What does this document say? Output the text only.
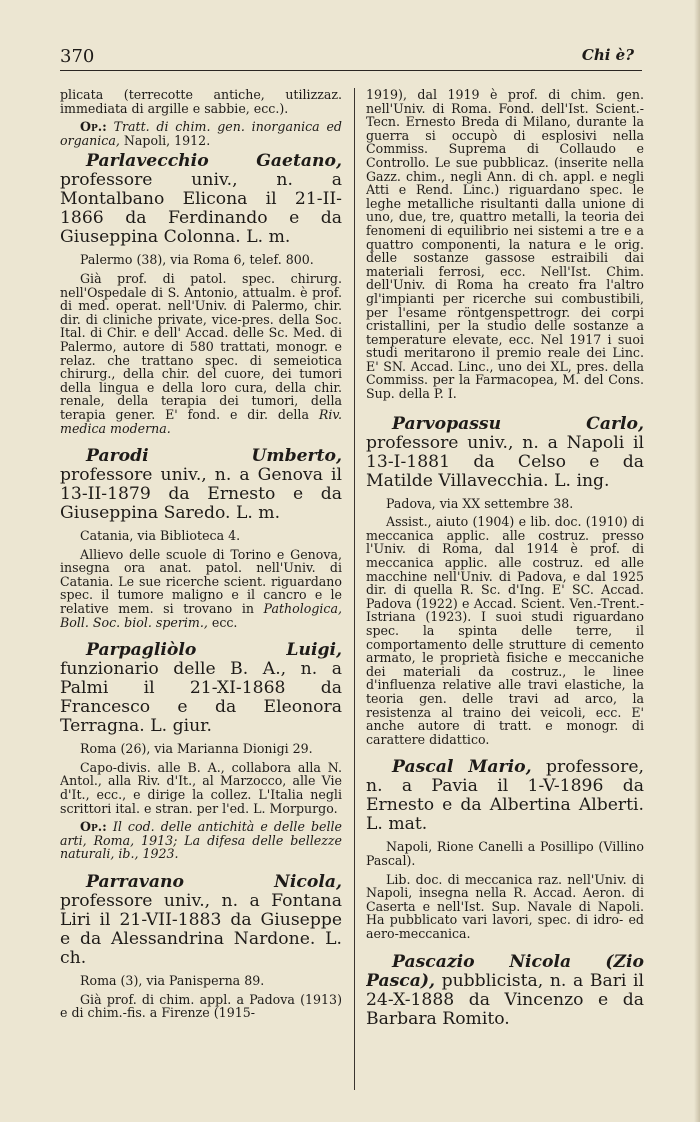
370	Chi è?

plicata (terrecotte antiche, utilizzaz. immediata di argille e sabbie, ecc.).

Op.: Tratt. di chim. gen. inorganica ed organica, Napoli, 1912.

Parlavecchio Gaetano, professore univ., n. a Montalbano Elicona il 21-II-1866 da Ferdinando e da Giuseppina Colonna. L. m.

Palermo (38), via Roma 6, telef. 800.

Già prof. di patol. spec. chirurg. nell'Ospedale di S. Antonio, attualm. è prof. di med. operat. nell'Univ. di Palermo, chir. dir. di cliniche private, vice-pres. della Soc. Ital. di Chir. e dell' Accad. delle Sc. Med. di Palermo, autore di 580 trattati, monogr. e relaz. che trattano spec. di semeiotica chirurg., della chir. del cuore, dei tumori della lingua e della loro cura, della chir. renale, della terapia dei tumori, della terapia gener. E' fond. e dir. della Riv. medica moderna.

Parodi Umberto, professore univ., n. a Genova il 13-II-1879 da Ernesto e da Giuseppina Saredo. L. m.

Catania, via Biblioteca 4.

Allievo delle scuole di Torino e Genova, insegna ora anat. patol. nell'Univ. di Catania. Le sue ricerche scient. riguardano spec. il tumore maligno e il cancro e le relative mem. si trovano in Pathologica, Boll. Soc. biol. sperim., ecc.

Parpagliòlo Luigi, funzionario delle B. A., n. a Palmi il 21-XI-1868 da Francesco e da Eleonora Terragna. L. giur.

Roma (26), via Marianna Dionigi 29.

Capo-divis. alle B. A., collabora alla N. Antol., alla Riv. d'It., al Marzocco, alle Vie d'It., ecc., e dirige la collez. L'Italia negli scrittori ital. e stran. per l'ed. L. Morpurgo.

Op.: Il cod. delle antichità e delle belle arti, Roma, 1913; La difesa delle bellezze naturali, ib., 1923.

Parravano Nicola, professore univ., n. a Fontana Liri il 21-VII-1883 da Giuseppe e da Alessandrina Nardone. L. ch.

Roma (3), via Panisperna 89.

Già prof. di chim. appl. a Padova (1913) e di chim.-fis. a Firenze (1915-

1919), dal 1919 è prof. di chim. gen. nell'Univ. di Roma. Fond. dell'Ist. Scient.-Tecn. Ernesto Breda di Milano, durante la guerra si occupò di esplosivi nella Commiss. Suprema di Collaudo e Controllo. Le sue pubblicaz. (inserite nella Gazz. chim., negli Ann. di ch. appl. e negli Atti e Rend. Linc.) riguardano spec. le leghe metalliche risultanti dalla unione di uno, due, tre, quattro metalli, la teoria dei fenomeni di equilibrio nei sistemi a tre e a quattro componenti, la natura e le orig. delle sostanze gassose estraibili dai materiali ferrosi, ecc. Nell'Ist. Chim. dell'Univ. di Roma ha creato fra l'altro gl'impianti per ricerche sui combustibili, per l'esame röntgenspettrogr. dei corpi cristallini, per la studio delle sostanze a temperature elevate, ecc. Nel 1917 i suoi studi meritarono il premio reale dei Linc. E' SN. Accad. Linc., uno dei XL, pres. della Commiss. per la Farmacopea, M. del Cons. Sup. della P. I.

Parvopassu Carlo, professore univ., n. a Napoli il 13-I-1881 da Celso e da Matilde Villavecchia. L. ing.

Padova, via XX settembre 38.

Assist., aiuto (1904) e lib. doc. (1910) di meccanica applic. alle costruz. presso l'Univ. di Roma, dal 1914 è prof. di meccanica applic. alle costruz. ed alle macchine nell'Univ. di Padova, e dal 1925 dir. di quella R. Sc. d'Ing. E' SC. Accad. Padova (1922) e Accad. Scient. Ven.-Trent.-Istriana (1923). I suoi studi riguardano spec. la spinta delle terre, il comportamento delle strutture di cemento armato, le proprietà fisiche e meccaniche dei materiali da costruz., le linee d'influenza relative alle travi elastiche, la teoria gen. delle travi ad arco, la resistenza al traino dei veicoli, ecc. E' anche autore di tratt. e monogr. di carattere didattico.

Pascal Mario, professore, n. a Pavia il 1-V-1896 da Ernesto e da Albertina Alberti. L. mat.

Napoli, Rione Canelli a Posillipo (Villino Pascal).

Lib. doc. di meccanica raz. nell'Univ. di Napoli, insegna nella R. Accad. Aeron. di Caserta e nell'Ist. Sup. Navale di Napoli. Ha pubblicato vari lavori, spec. di idro- ed aero-meccanica.

Pascazio Nicola (Zio Pasca), pubblicista, n. a Bari il 24-X-1888 da Vincenzo e da Barbara Romito.
